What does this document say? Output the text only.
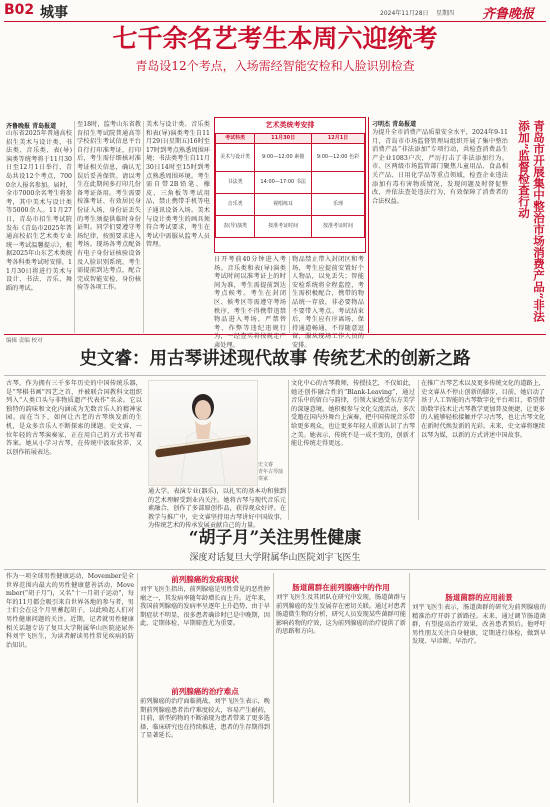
B02 城事	2024年11月28日 星期四 齐鲁晚报
七千余名艺考生本周六迎统考
青岛设12个考点，入场需经智能安检和人脸识别检查
齐鲁晚报 青岛报道
山东省2025年普通高校招生美术与设计类、书法类、音乐类、表(导)演类等统考将于11月30日至12月1日举行，青岛共设12个考点，7000余人报名参加。届时，全市7000余名考生将参考，其中美术与设计类等5000余人。11月27日，青岛市招生考试院发布《青岛市2025年普通高校招生艺术类专业统一考试温馨提示》，根据2025年山东艺术类统考各科类考试时安排，11月30日将进行美术与设计、书法、音乐、舞蹈的考试。
至18时，监考山东省教育招生考试院普通高等学校招生考试信息平台自行打印准考证，打印后，考生需仔细核对准考证相关信息，确认无误后妥善保管。请以考生在此期间多打印几份备考证备用。考生需要按准考证、有效居民身份证入场，身份证丢失的考生须提供临时身份证明。同学们要遵守考场纪律，按照要求进入考场。现场各考点配备有电子身份证核验设备及人脸识别系统，考生需提前到达考点，配合完成智能安检、身份核验等各项工作。
美术与设计类、音乐类和表(导)演类考生自11月29日(星期五)16时至17时到考点熟悉周围环境；书法类考生自11月30日14时至15时到考点熟悉周围环境。考生需自带2B铅笔、橡皮、三角板等考试用品，禁止携带手机等电子通讯设备入场。美术与设计类考生的画具须符合考试要求，考生在考试中需服从监考人员管理。
艺术类统考安排
考试科类	11月30日	12月1日
美术与设计类	9:00—12:00 素描	9:00—12:00 色彩
书法类	14:00—17:00 书法	
音乐类	视唱练耳	乐理
表(导)演类	按准考证时间	按准考证时间
日开考前40分钟进入考场。音乐类和表(导)演类考试时间以准考证上的时间为准，考生需提前到达考点候考。考生在封闭区、候考区等需遵守考场秩序，考生不得携带违禁物品进入考场，严禁替考、作弊等违纪违规行为，一经查实将按规定严肃处理。
物品禁止带入封闭区和考场，考生应提前安置好个人物品，以免丢失；智能安检系统将全程监控，考生需积极配合，携带的物品统一存放，非必要物品不要带入考点。考试结束后，考生应有序离场，保持通道畅通，不得随意逗留，服从现场工作人员的安排。
刁明杰 青岛报道	青岛市开展集中整治市场消费产品“非法添加”监督检查行动
为提升全市消费产品质量安全水平，2024年9-11月，青岛市市场监督管理局组织开展了集中整治消费产品“非法添加”专项行动，共检查消费品生产企业1083户次，严厉打击了非法添加行为。市、区两级市场监管部门聚焦儿童用品、食品相关产品、日用化学品等重点领域，检查企业违法添加有毒有害物质情况，发现问题及时督促整改，并依法查处违法行为，有效保障了消费者的合法权益。
编辑 责编 校对
史文睿：用古琴讲述现代故事 传统艺术的创新之路
古琴，作为拥有三千多年历史的中国传统乐器，是“琴棋书画”四艺之首，并被联合国教科文组织列入“人类口头与非物质遗产代表作”名录。它以独特的韵味和文化内涵成为无数音乐人的精神家园。而在当下，如何让古老的古琴焕发新的生机，是众多音乐人不断探索的课题。史文睿，一位年轻的古琴演奏家，正在用自己的方式书写着答案。她从小学习古琴，在传统中汲取营养，又以创作拓展表达。
史文睿
青年古琴演奏家
通大学，表演专业(器乐)，以扎实的基本功和独到的艺术理解受到业内关注。她将古琴与现代音乐元素融合，创作了多部原创作品，获得观众好评。在教学与推广中，史文睿坚持用古琴讲好中国故事，为传统艺术的传承发展贡献自己的力量。
文化中心的古琴教师，传授技艺，不仅如此，她还创作融合性的“Blank-Leaving”，通过音乐中的留白与韵律，引领大家感受东方美学的深邃意境。她积极参与文化交流活动，多次受邀在国内外舞台上演奏，把中国传统音乐带给更多观众，也让更多年轻人重新认识了古琴之美。她表示，传统不是一成不变的，创新才能让传统走得更远。
在推广古琴艺术以及更多传统文化的道路上，史文睿从不停止创新的脚步，目前，她启动了基于人工智能的古琴数字化平台项目，希望借助数字技术让古琴教学更加普及便捷，让更多的人能够轻松接触并学习古琴，也让古琴文化在新时代焕发新的光彩。未来，史文睿将继续以琴为媒，以新的方式讲述中国故事。
“胡子月”关注男性健康
深度对话复旦大学附属华山医院刘宇飞医生
作为一项全球男性健康运动，Movember是全世界范围内最大的男性健康慈善活动，Movember(“胡子月”)，又名“十一月胡子运动”，每年的11月都会吸引来自世界各地的参与者，男士们会在这个月里蓄起胡子，以此唤起人们对男性健康问题的关注。近期，记者就男性健康相关话题专访了复旦大学附属华山医院泌尿外科刘宇飞医生，为读者解读男性常见疾病的防治知识。
前列腺癌的发病现状
刘宇飞医生指出，前列腺癌是男性常见的恶性肿瘤之一，其发病率随年龄增长而上升。近年来，我国前列腺癌的发病率呈逐年上升趋势，由于早期症状不明显，很多患者确诊时已是中晚期，因此，定期体检、早期筛查尤为重要。
前列腺癌的治疗难点
前列腺癌的治疗面临挑战，刘宇飞医生表示，晚期前列腺癌患者治疗难度较大，容易产生耐药，目前，新型药物的不断涌现为患者带来了更多选择，临床研究也在持续推进，患者的生存期得到了显著延长。
肠道菌群在前列腺癌中的作用
刘宇飞医生及其团队在研究中发现，肠道菌群与前列腺癌的发生发展存在密切关联。通过对患者肠道微生物的分析，研究人员发现某些菌群可能影响药物的疗效，这为前列腺癌的治疗提供了新的思路和方向。
肠道菌群的应用前景
刘宇飞医生表示，肠道菌群的研究为前列腺癌的精准治疗开辟了新路径。未来，通过调节肠道菌群，有望提高治疗效果，改善患者预后。他呼吁男性朋友关注自身健康，定期进行体检，做到早发现、早诊断、早治疗。
